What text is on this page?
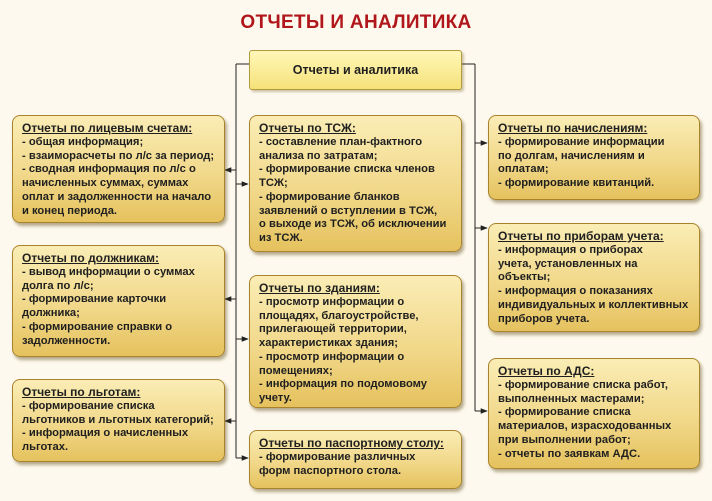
ОТЧЕТЫ И АНАЛИТИКА
Отчеты и аналитика
Отчеты по лицевым счетам:
- общая информация;
- взаиморасчеты по л/с за период;
- сводная информация по л/с о
начисленных суммах, суммах
оплат и задолженности на начало
и конец периода.
Отчеты по должникам:
- вывод информации о суммах
долга по л/с;
- формирование карточки
должника;
- формирование справки о
задолженности.
Отчеты по льготам:
- формирование списка
льготников и льготных категорий;
- информация о начисленных
льготах.
Отчеты по ТСЖ:
- составление план-фактного
анализа по затратам;
- формирование списка членов
ТСЖ;
- формирование бланков
заявлений о вступлении в ТСЖ,
о выходе из ТСЖ, об исключении
из ТСЖ.
Отчеты по зданиям:
- просмотр информации о
площадях, благоустройстве,
прилегающей территории,
характеристиках здания;
- просмотр информации о
помещениях;
- информация по подомовому
учету.
Отчеты по паспортному столу:
- формирование различных
форм паспортного стола.
Отчеты по начислениям:
- формирование информации
по долгам, начислениям и
оплатам;
- формирование квитанций.
Отчеты по приборам учета:
- информация о приборах
учета, установленных на
объекты;
- информация о показаниях
индивидуальных и коллективных
приборов учета.
Отчеты по АДС:
- формирование списка работ,
выполненных мастерами;
- формирование списка
материалов, израсходованных
при выполнении работ;
- отчеты по заявкам АДС.
